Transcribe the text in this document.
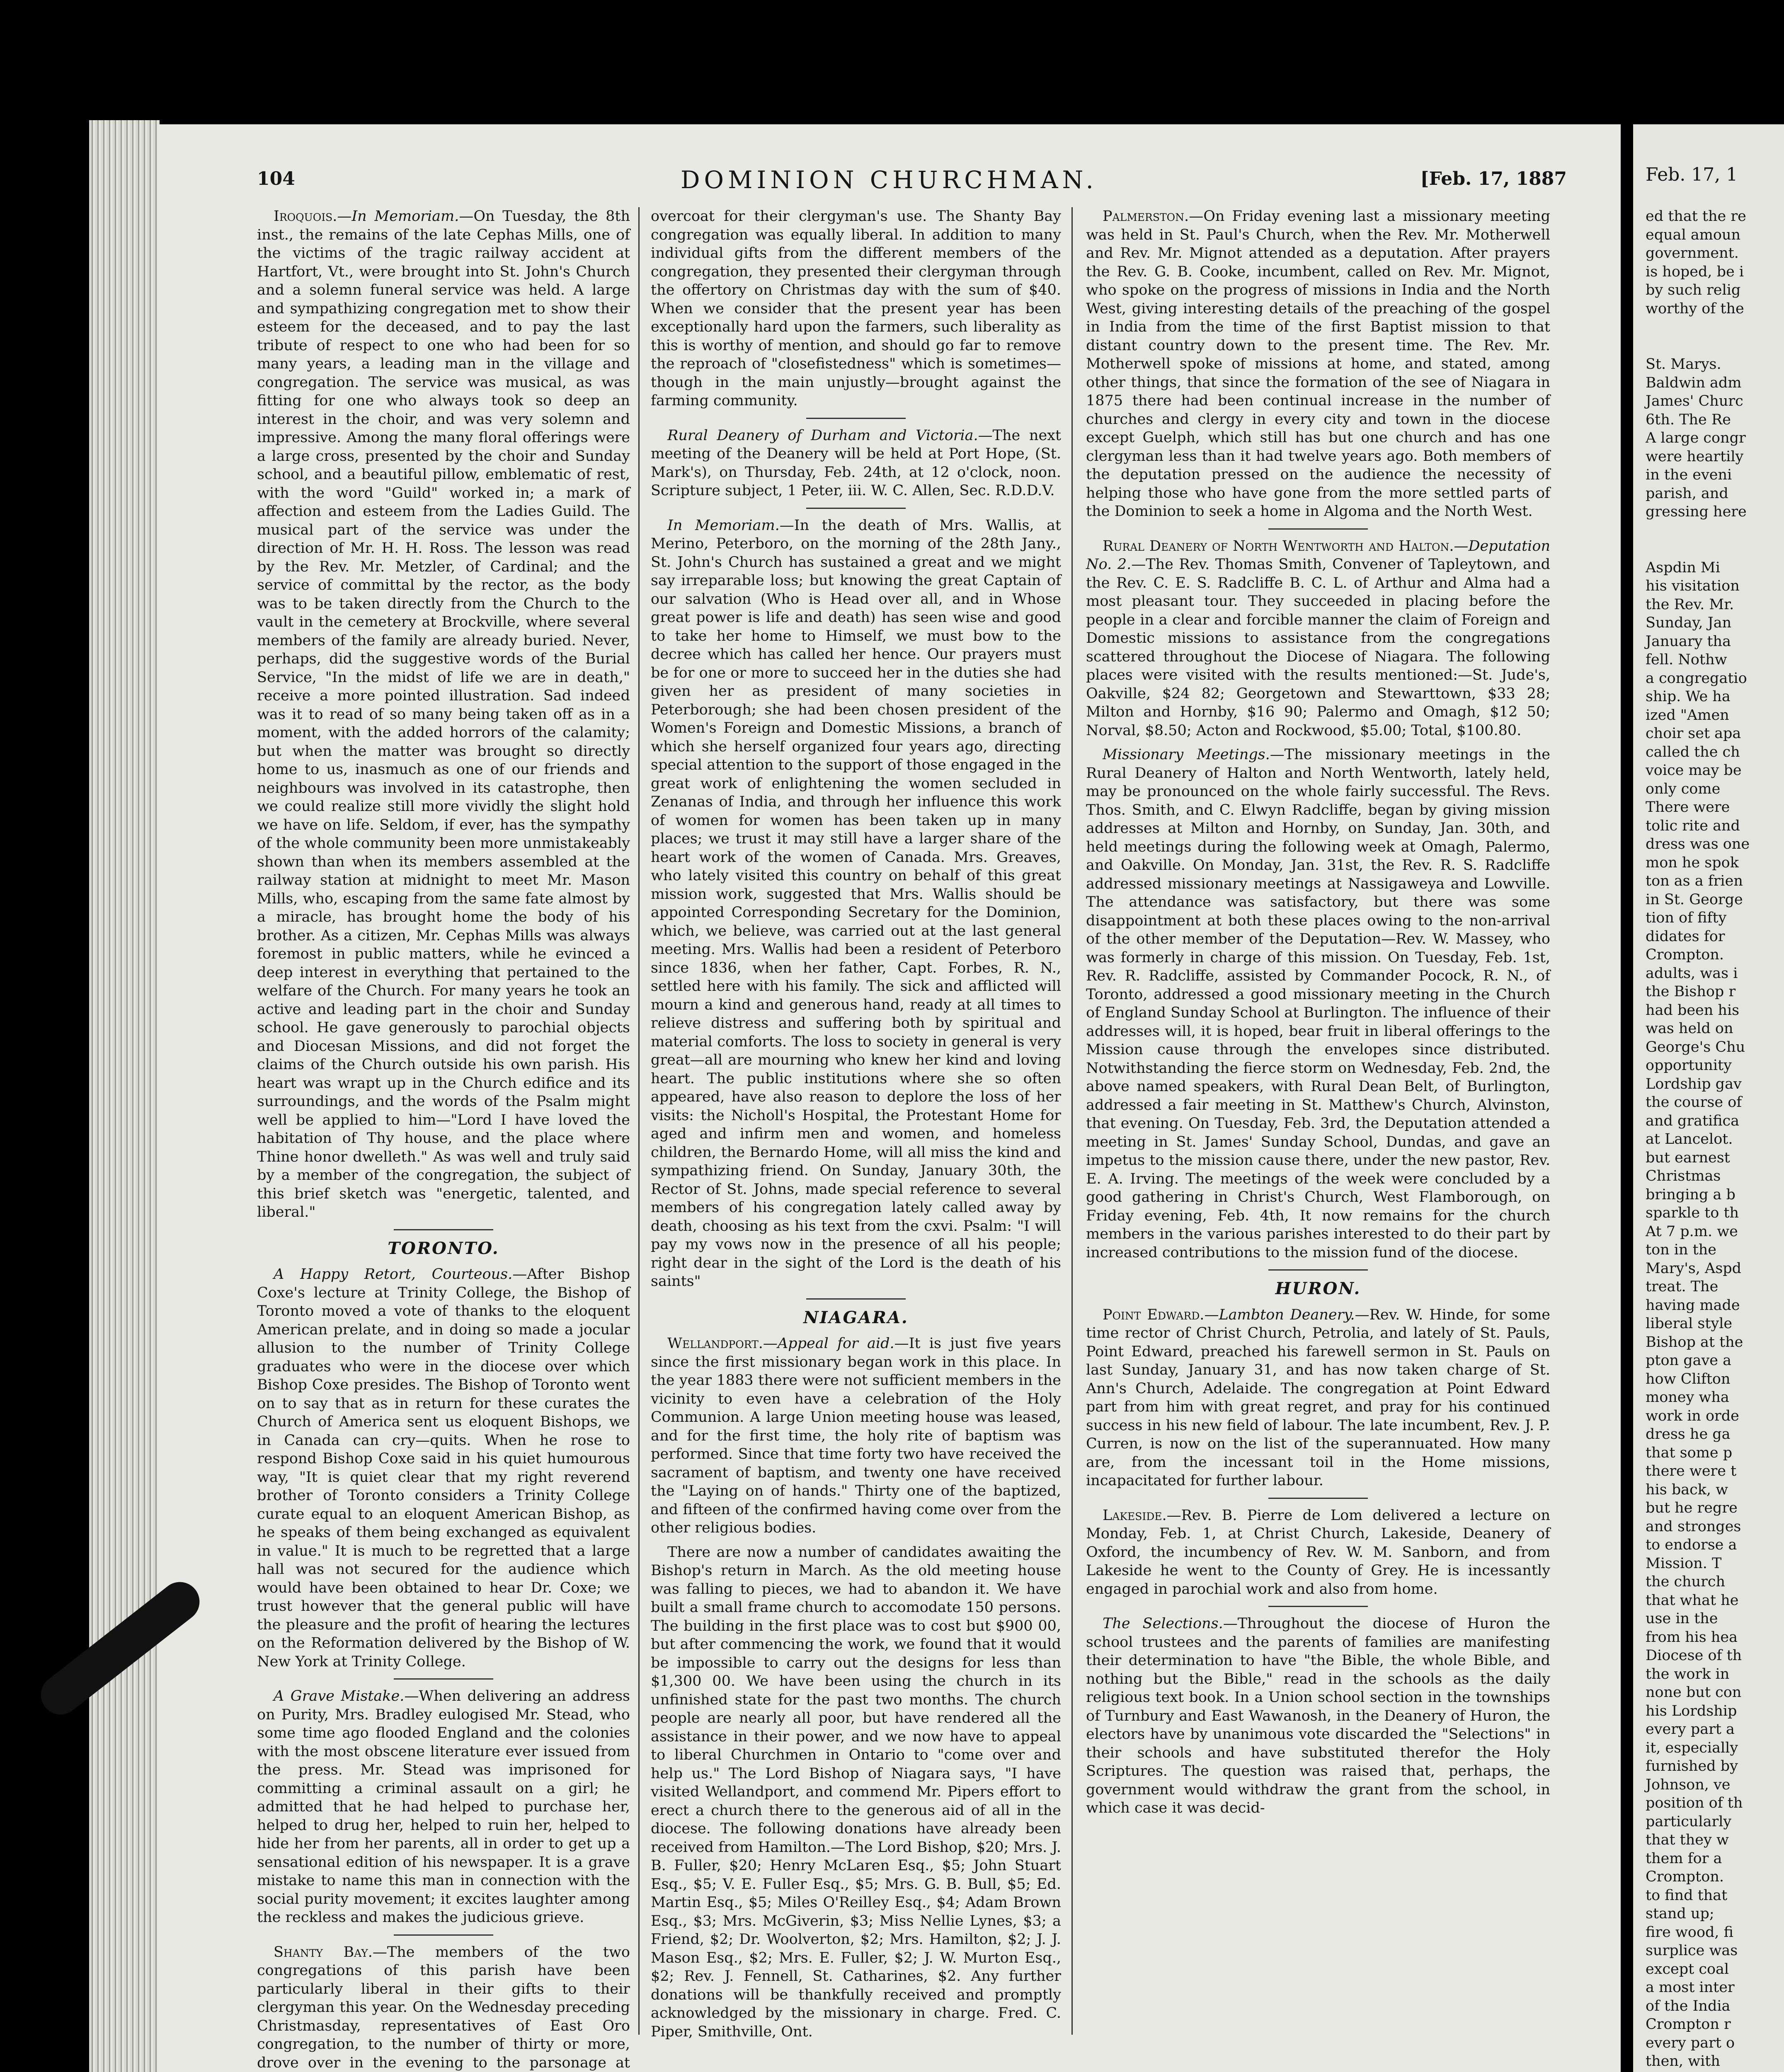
104	DOMINION CHURCHMAN.	[Feb. 17, 1887

Iroquois.—In Memoriam.—On Tuesday, the 8th inst., the remains of the late Cephas Mills, one of the victims of the tragic railway accident at Hartfort, Vt., were brought into St. John's Church and a solemn funeral service was held. A large and sympathizing congregation met to show their esteem for the deceased, and to pay the last tribute of respect to one who had been for so many years, a leading man in the village and congregation. The service was musical, as was fitting for one who always took so deep an interest in the choir, and was very solemn and impressive. Among the many floral offerings were a large cross, presented by the choir and Sunday school, and a beautiful pillow, emblematic of rest, with the word "Guild" worked in; a mark of affection and esteem from the Ladies Guild. The musical part of the service was under the direction of Mr. H. H. Ross. The lesson was read by the Rev. Mr. Metzler, of Cardinal; and the service of committal by the rector, as the body was to be taken directly from the Church to the vault in the cemetery at Brockville, where several members of the family are already buried. Never, perhaps, did the suggestive words of the Burial Service, "In the midst of life we are in death," receive a more pointed illustration. Sad indeed was it to read of so many being taken off as in a moment, with the added horrors of the calamity; but when the matter was brought so directly home to us, inasmuch as one of our friends and neighbours was involved in its catastrophe, then we could realize still more vividly the slight hold we have on life. Seldom, if ever, has the sympathy of the whole community been more unmistakeably shown than when its members assembled at the railway station at midnight to meet Mr. Mason Mills, who, escaping from the same fate almost by a miracle, has brought home the body of his brother. As a citizen, Mr. Cephas Mills was always foremost in public matters, while he evinced a deep interest in everything that pertained to the welfare of the Church. For many years he took an active and leading part in the choir and Sunday school. He gave generously to parochial objects and Diocesan Missions, and did not forget the claims of the Church outside his own parish. His heart was wrapt up in the Church edifice and its surroundings, and the words of the Psalm might well be applied to him—"Lord I have loved the habitation of Thy house, and the place where Thine honor dwelleth." As was well and truly said by a member of the congregation, the subject of this brief sketch was "energetic, talented, and liberal."

TORONTO.

A Happy Retort, Courteous.—After Bishop Coxe's lecture at Trinity College, the Bishop of Toronto moved a vote of thanks to the eloquent American prelate, and in doing so made a jocular allusion to the number of Trinity College graduates who were in the diocese over which Bishop Coxe presides. The Bishop of Toronto went on to say that as in return for these curates the Church of America sent us eloquent Bishops, we in Canada can cry—quits. When he rose to respond Bishop Coxe said in his quiet humourous way, "It is quiet clear that my right reverend brother of Toronto considers a Trinity College curate equal to an eloquent American Bishop, as he speaks of them being exchanged as equivalent in value." It is much to be regretted that a large hall was not secured for the audience which would have been obtained to hear Dr. Coxe; we trust however that the general public will have the pleasure and the profit of hearing the lectures on the Reformation delivered by the Bishop of W. New York at Trinity College.

A Grave Mistake.—When delivering an address on Purity, Mrs. Bradley eulogised Mr. Stead, who some time ago flooded England and the colonies with the most obscene literature ever issued from the press. Mr. Stead was imprisoned for committing a criminal assault on a girl; he admitted that he had helped to purchase her, helped to drug her, helped to ruin her, helped to hide her from her parents, all in order to get up a sensational edition of his newspaper. It is a grave mistake to name this man in connection with the social purity movement; it excites laughter among the reckless and makes the judicious grieve.

Shanty Bay.—The members of the two congregations of this parish have been particularly liberal in their gifts to their clergyman this year. On the Wednesday preceding Christmasday, representatives of East Oro congregation, to the number of thirty or more, drove over in the evening to the parsonage at

overcoat for their clergyman's use. The Shanty Bay congregation was equally liberal. In addition to many individual gifts from the different members of the congregation, they presented their clergyman through the offertory on Christmas day with the sum of $40. When we consider that the present year has been exceptionally hard upon the farmers, such liberality as this is worthy of mention, and should go far to remove the reproach of "closefistedness" which is sometimes—though in the main unjustly—brought against the farming community.

Rural Deanery of Durham and Victoria.—The next meeting of the Deanery will be held at Port Hope, (St. Mark's), on Thursday, Feb. 24th, at 12 o'clock, noon. Scripture subject, 1 Peter, iii. W. C. Allen, Sec. R.D.D.V.

In Memoriam.—In the death of Mrs. Wallis, at Merino, Peterboro, on the morning of the 28th Jany., St. John's Church has sustained a great and we might say irreparable loss; but knowing the great Captain of our salvation (Who is Head over all, and in Whose great power is life and death) has seen wise and good to take her home to Himself, we must bow to the decree which has called her hence. Our prayers must be for one or more to succeed her in the duties she had given her as president of many societies in Peterborough; she had been chosen president of the Women's Foreign and Domestic Missions, a branch of which she herself organized four years ago, directing special attention to the support of those engaged in the great work of enlightening the women secluded in Zenanas of India, and through her influence this work of women for women has been taken up in many places; we trust it may still have a larger share of the heart work of the women of Canada. Mrs. Greaves, who lately visited this country on behalf of this great mission work, suggested that Mrs. Wallis should be appointed Corresponding Secretary for the Dominion, which, we believe, was carried out at the last general meeting. Mrs. Wallis had been a resident of Peterboro since 1836, when her father, Capt. Forbes, R. N., settled here with his family. The sick and afflicted will mourn a kind and generous hand, ready at all times to relieve distress and suffering both by spiritual and material comforts. The loss to society in general is very great—all are mourning who knew her kind and loving heart. The public institutions where she so often appeared, have also reason to deplore the loss of her visits: the Nicholl's Hospital, the Protestant Home for aged and infirm men and women, and homeless children, the Bernardo Home, will all miss the kind and sympathizing friend. On Sunday, January 30th, the Rector of St. Johns, made special reference to several members of his congregation lately called away by death, choosing as his text from the cxvi. Psalm: "I will pay my vows now in the presence of all his people; right dear in the sight of the Lord is the death of his saints"

NIAGARA.

Wellandport.—Appeal for aid.—It is just five years since the first missionary began work in this place. In the year 1883 there were not sufficient members in the vicinity to even have a celebration of the Holy Communion. A large Union meeting house was leased, and for the first time, the holy rite of baptism was performed. Since that time forty two have received the sacrament of baptism, and twenty one have received the "Laying on of hands." Thirty one of the baptized, and fifteen of the confirmed having come over from the other religious bodies.

There are now a number of candidates awaiting the Bishop's return in March. As the old meeting house was falling to pieces, we had to abandon it. We have built a small frame church to accomodate 150 persons. The building in the first place was to cost but $900 00, but after commencing the work, we found that it would be impossible to carry out the designs for less than $1,300 00. We have been using the church in its unfinished state for the past two months. The church people are nearly all poor, but have rendered all the assistance in their power, and we now have to appeal to liberal Churchmen in Ontario to "come over and help us." The Lord Bishop of Niagara says, "I have visited Wellandport, and commend Mr. Pipers effort to erect a church there to the generous aid of all in the diocese. The following donations have already been received from Hamilton.—The Lord Bishop, $20; Mrs. J. B. Fuller, $20; Henry McLaren Esq., $5; John Stuart Esq., $5; V. E. Fuller Esq., $5; Mrs. G. B. Bull, $5; Ed. Martin Esq., $5; Miles O'Reilley Esq., $4; Adam Brown Esq., $3; Mrs. McGiverin, $3; Miss Nellie Lynes, $3; a Friend, $2; Dr. Woolverton, $2; Mrs. Hamilton, $2; J. J. Mason Esq., $2; Mrs. E. Fuller, $2; J. W. Murton Esq., $2; Rev. J. Fennell, St. Catharines, $2. Any further donations will be thankfully received and promptly acknowledged by the missionary in charge. Fred. C. Piper, Smithville, Ont.

Palmerston.—On Friday evening last a missionary meeting was held in St. Paul's Church, when the Rev. Mr. Motherwell and Rev. Mr. Mignot attended as a deputation. After prayers the Rev. G. B. Cooke, incumbent, called on Rev. Mr. Mignot, who spoke on the progress of missions in India and the North West, giving interesting details of the preaching of the gospel in India from the time of the first Baptist mission to that distant country down to the present time. The Rev. Mr. Motherwell spoke of missions at home, and stated, among other things, that since the formation of the see of Niagara in 1875 there had been continual increase in the number of churches and clergy in every city and town in the diocese except Guelph, which still has but one church and has one clergyman less than it had twelve years ago. Both members of the deputation pressed on the audience the necessity of helping those who have gone from the more settled parts of the Dominion to seek a home in Algoma and the North West.

Rural Deanery of North Wentworth and Halton.—Deputation No. 2.—The Rev. Thomas Smith, Convener of Tapleytown, and the Rev. C. E. S. Radcliffe B. C. L. of Arthur and Alma had a most pleasant tour. They succeeded in placing before the people in a clear and forcible manner the claim of Foreign and Domestic missions to assistance from the congregations scattered throughout the Diocese of Niagara. The following places were visited with the results mentioned:—St. Jude's, Oakville, $24 82; Georgetown and Stewarttown, $33 28; Milton and Hornby, $16 90; Palermo and Omagh, $12 50; Norval, $8.50; Acton and Rockwood, $5.00; Total, $100.80.

Missionary Meetings.—The missionary meetings in the Rural Deanery of Halton and North Wentworth, lately held, may be pronounced on the whole fairly successful. The Revs. Thos. Smith, and C. Elwyn Radcliffe, began by giving mission addresses at Milton and Hornby, on Sunday, Jan. 30th, and held meetings during the following week at Omagh, Palermo, and Oakville. On Monday, Jan. 31st, the Rev. R. S. Radcliffe addressed missionary meetings at Nassigaweya and Lowville. The attendance was satisfactory, but there was some disappointment at both these places owing to the non-arrival of the other member of the Deputation—Rev. W. Massey, who was formerly in charge of this mission. On Tuesday, Feb. 1st, Rev. R. Radcliffe, assisted by Commander Pocock, R. N., of Toronto, addressed a good missionary meeting in the Church of England Sunday School at Burlington. The influence of their addresses will, it is hoped, bear fruit in liberal offerings to the Mission cause through the envelopes since distributed. Notwithstanding the fierce storm on Wednesday, Feb. 2nd, the above named speakers, with Rural Dean Belt, of Burlington, addressed a fair meeting in St. Matthew's Church, Alvinston, that evening. On Tuesday, Feb. 3rd, the Deputation attended a meeting in St. James' Sunday School, Dundas, and gave an impetus to the mission cause there, under the new pastor, Rev. E. A. Irving. The meetings of the week were concluded by a good gathering in Christ's Church, West Flamborough, on Friday evening, Feb. 4th, It now remains for the church members in the various parishes interested to do their part by increased contributions to the mission fund of the diocese.

HURON.

Point Edward.—Lambton Deanery.—Rev. W. Hinde, for some time rector of Christ Church, Petrolia, and lately of St. Pauls, Point Edward, preached his farewell sermon in St. Pauls on last Sunday, January 31, and has now taken charge of St. Ann's Church, Adelaide. The congregation at Point Edward part from him with great regret, and pray for his continued success in his new field of labour. The late incumbent, Rev. J. P. Curren, is now on the list of the superannuated. How many are, from the incessant toil in the Home missions, incapacitated for further labour.

Lakeside.—Rev. B. Pierre de Lom delivered a lecture on Monday, Feb. 1, at Christ Church, Lakeside, Deanery of Oxford, the incumbency of Rev. W. M. Sanborn, and from Lakeside he went to the County of Grey. He is incessantly engaged in parochial work and also from home.

The Selections.—Throughout the diocese of Huron the school trustees and the parents of families are manifesting their determination to have "the Bible, the whole Bible, and nothing but the Bible," read in the schools as the daily religious text book. In a Union school section in the townships of Turnbury and East Wawanosh, in the Deanery of Huron, the electors have by unanimous vote discarded the "Selections" in their schools and have substituted therefor the Holy Scriptures. The question was raised that, perhaps, the government would withdraw the grant from the school, in which case it was decid-

Feb. 17, 1
ed that the re
equal amoun
government.
is hoped, be i
by such relig
worthy of the
St. Marys.
Baldwin adm
James' Churc
6th. The Re
A large congr
were heartily
in the eveni
parish, and
gressing here
Aspdin Mi
his visitation
the Rev. Mr.
Sunday, Jan
January tha
fell. Nothw
a congregatio
ship. We ha
ized "Amen
choir set apa
called the ch
voice may be
only come
There were
tolic rite and
dress was one
mon he spok
ton as a frien
in St. George
tion of fifty
didates for
Crompton.
adults, was i
the Bishop r
had been his
was held on
George's Chu
opportunity
Lordship gav
the course of
and gratifica
at Lancelot.
but earnest
Christmas
bringing a b
sparkle to th
At 7 p.m. we
ton in the
Mary's, Aspd
treat. The
having made
liberal style
Bishop at the
pton gave a
how Clifton
money wha
work in orde
dress he ga
that some p
there were t
his back, w
but he regre
and stronges
to endorse a
Mission. T
the church
that what he
use in the
from his hea
Diocese of th
the work in
none but con
his Lordship
every part a
it, especially
furnished by
Johnson, ve
position of th
particularly
that they w
them for a
Crompton.
to find that
stand up;
fire wood, fi
surplice was
except coal
a most inter
of the India
Crompton r
every part o
then, with
